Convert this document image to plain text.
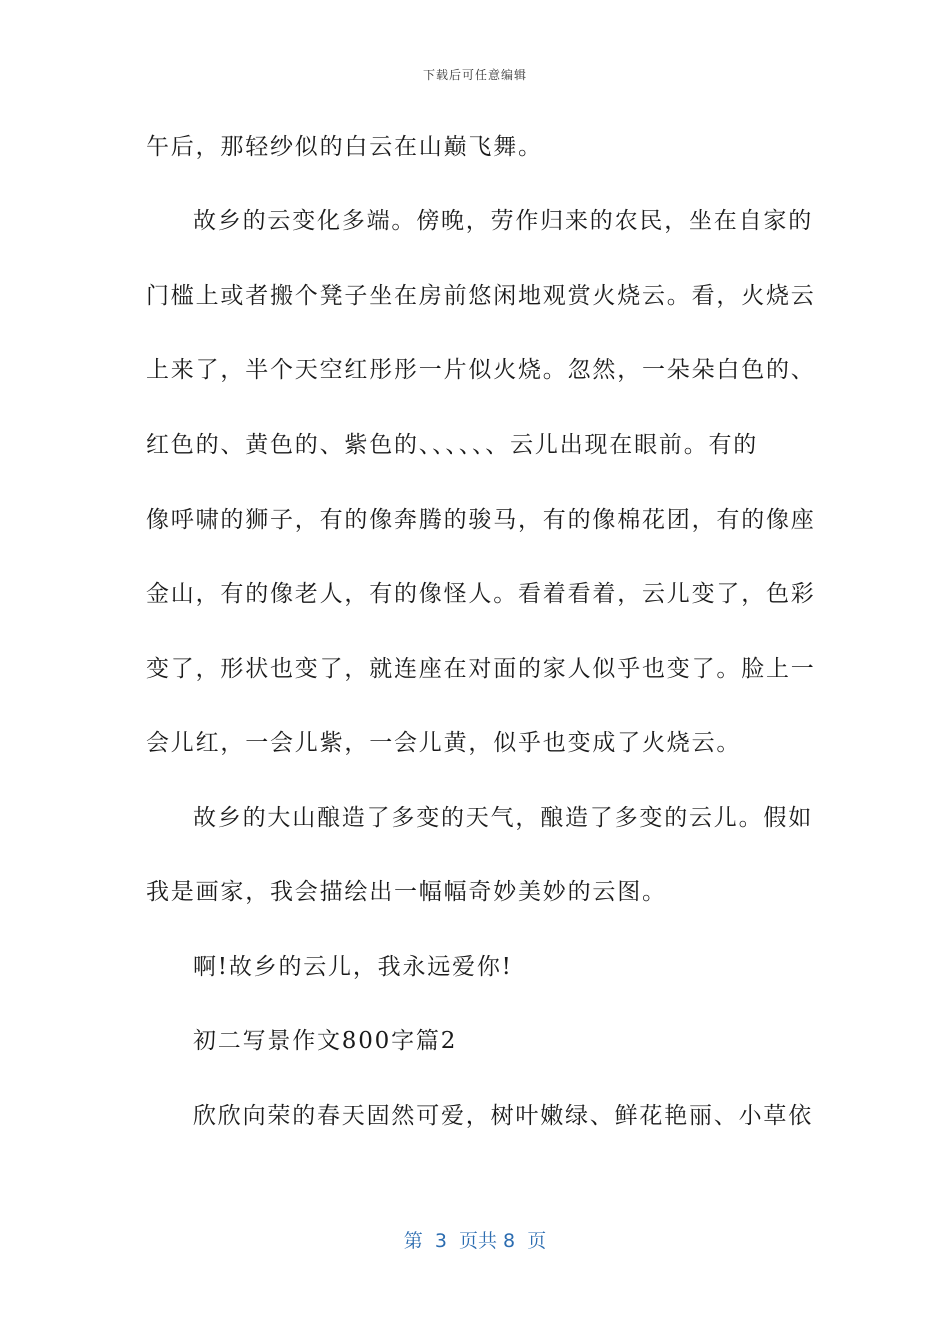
下载后可任意编辑
午后，那轻纱似的白云在山巅飞舞。
故乡的云变化多端。傍晚，劳作归来的农民，坐在自家的
门槛上或者搬个凳子坐在房前悠闲地观赏火烧云。看，火烧云
上来了，半个天空红彤彤一片似火烧。忽然，一朵朵白色的、
红色的、黄色的、紫色的、、、、、、云儿出现在眼前。有的
像呼啸的狮子，有的像奔腾的骏马，有的像棉花团，有的像座
金山，有的像老人，有的像怪人。看着看着，云儿变了，色彩
变了，形状也变了，就连座在对面的家人似乎也变了。脸上一
会儿红，一会儿紫，一会儿黄，似乎也变成了火烧云。
故乡的大山酿造了多变的天气，酿造了多变的云儿。假如
我是画家，我会描绘出一幅幅奇妙美妙的云图。
啊!故乡的云儿，我永远爱你!
初二写景作文800字篇2
欣欣向荣的春天固然可爱，树叶嫩绿、鲜花艳丽、小草依
第  3  页共 8  页
